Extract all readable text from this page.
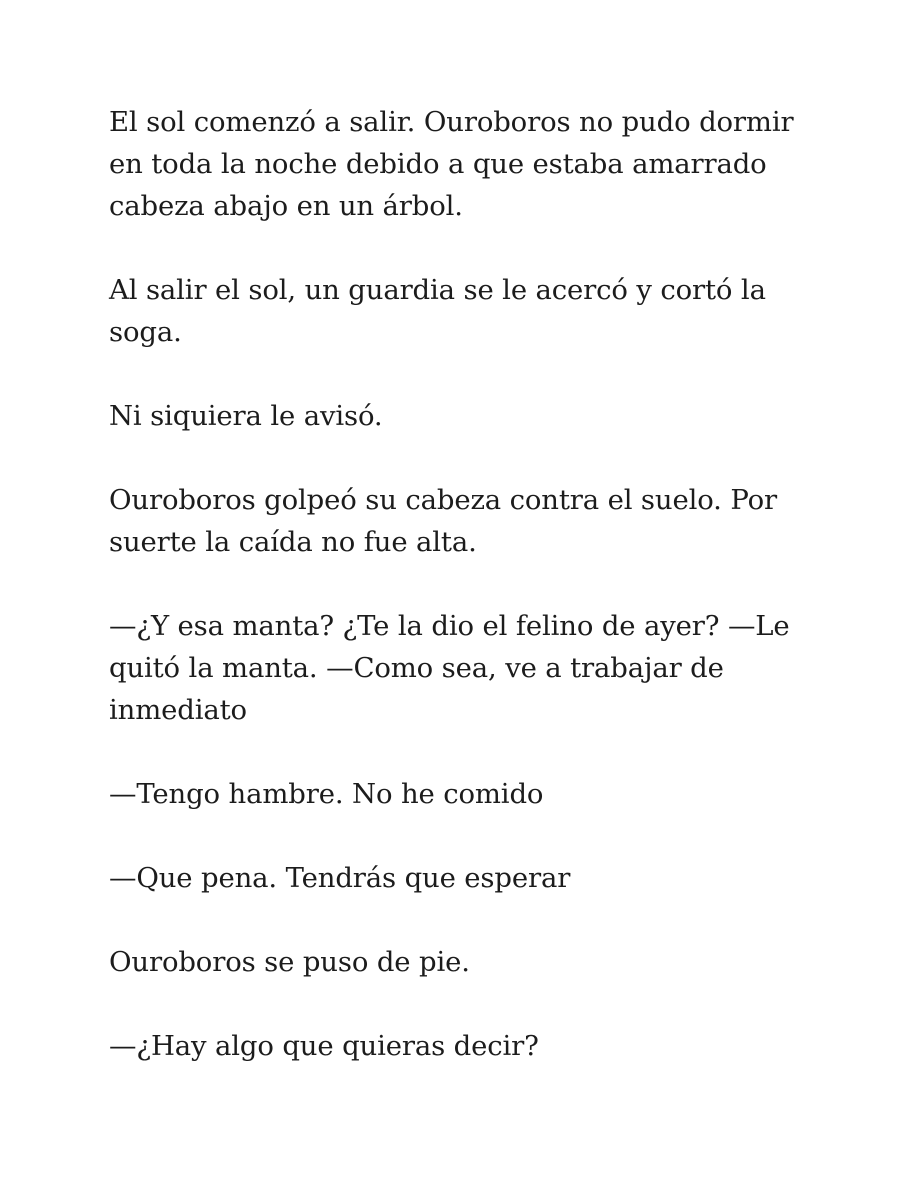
El sol comenzó a salir. Ouroboros no pudo dormir en toda la noche debido a que estaba amarrado cabeza abajo en un árbol.

Al salir el sol, un guardia se le acercó y cortó la soga.

Ni siquiera le avisó.

Ouroboros golpeó su cabeza contra el suelo. Por suerte la caída no fue alta.

—¿Y esa manta? ¿Te la dio el felino de ayer? —Le quitó la manta. —Como sea, ve a trabajar de inmediato

—Tengo hambre. No he comido

—Que pena. Tendrás que esperar

Ouroboros se puso de pie.

—¿Hay algo que quieras decir?
